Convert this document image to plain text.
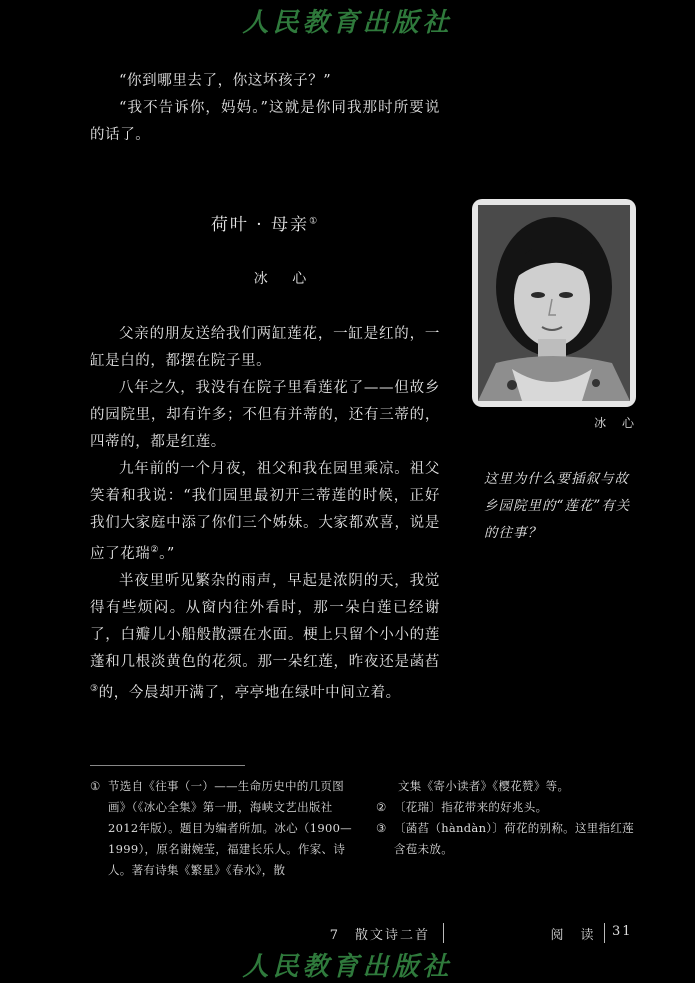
人民教育出版社

“你到哪里去了，你这坏孩子？”

“我不告诉你，妈妈。”这就是你同我那时所要说的话了。

荷叶 · 母亲①
冰 心

父亲的朋友送给我们两缸莲花，一缸是红的，一缸是白的，都摆在院子里。

八年之久，我没有在院子里看莲花了——但故乡的园院里，却有许多；不但有并蒂的，还有三蒂的，四蒂的，都是红莲。

九年前的一个月夜，祖父和我在园里乘凉。祖父笑着和我说：“我们园里最初开三蒂莲的时候，正好我们大家庭中添了你们三个姊妹。大家都欢喜，说是应了花瑞②。”

半夜里听见繁杂的雨声，早起是浓阴的天，我觉得有些烦闷。从窗内往外看时，那一朵白莲已经谢了，白瓣儿小船般散漂在水面。梗上只留个小小的莲蓬和几根淡黄色的花须。那一朵红莲，昨夜还是菡萏③的，今晨却开满了，亭亭地在绿叶中间立着。

冰 心
这里为什么要插叙与故乡园院里的“莲花”有关的往事？
① 节选自《往事（一）——生命历史中的几页图画》（《冰心全集》第一册，海峡文艺出版社2012年版）。题目为编者所加。冰心（1900—1999），原名谢婉莹，福建长乐人。作家、诗人。著有诗集《繁星》《春水》，散
文集《寄小读者》《樱花赞》等。
② 〔花瑞〕指花带来的好兆头。
③ 〔菡萏（hàndàn）〕荷花的别称。这里指红莲含苞未放。
7　散文诗二首	阅　读 31
人民教育出版社
